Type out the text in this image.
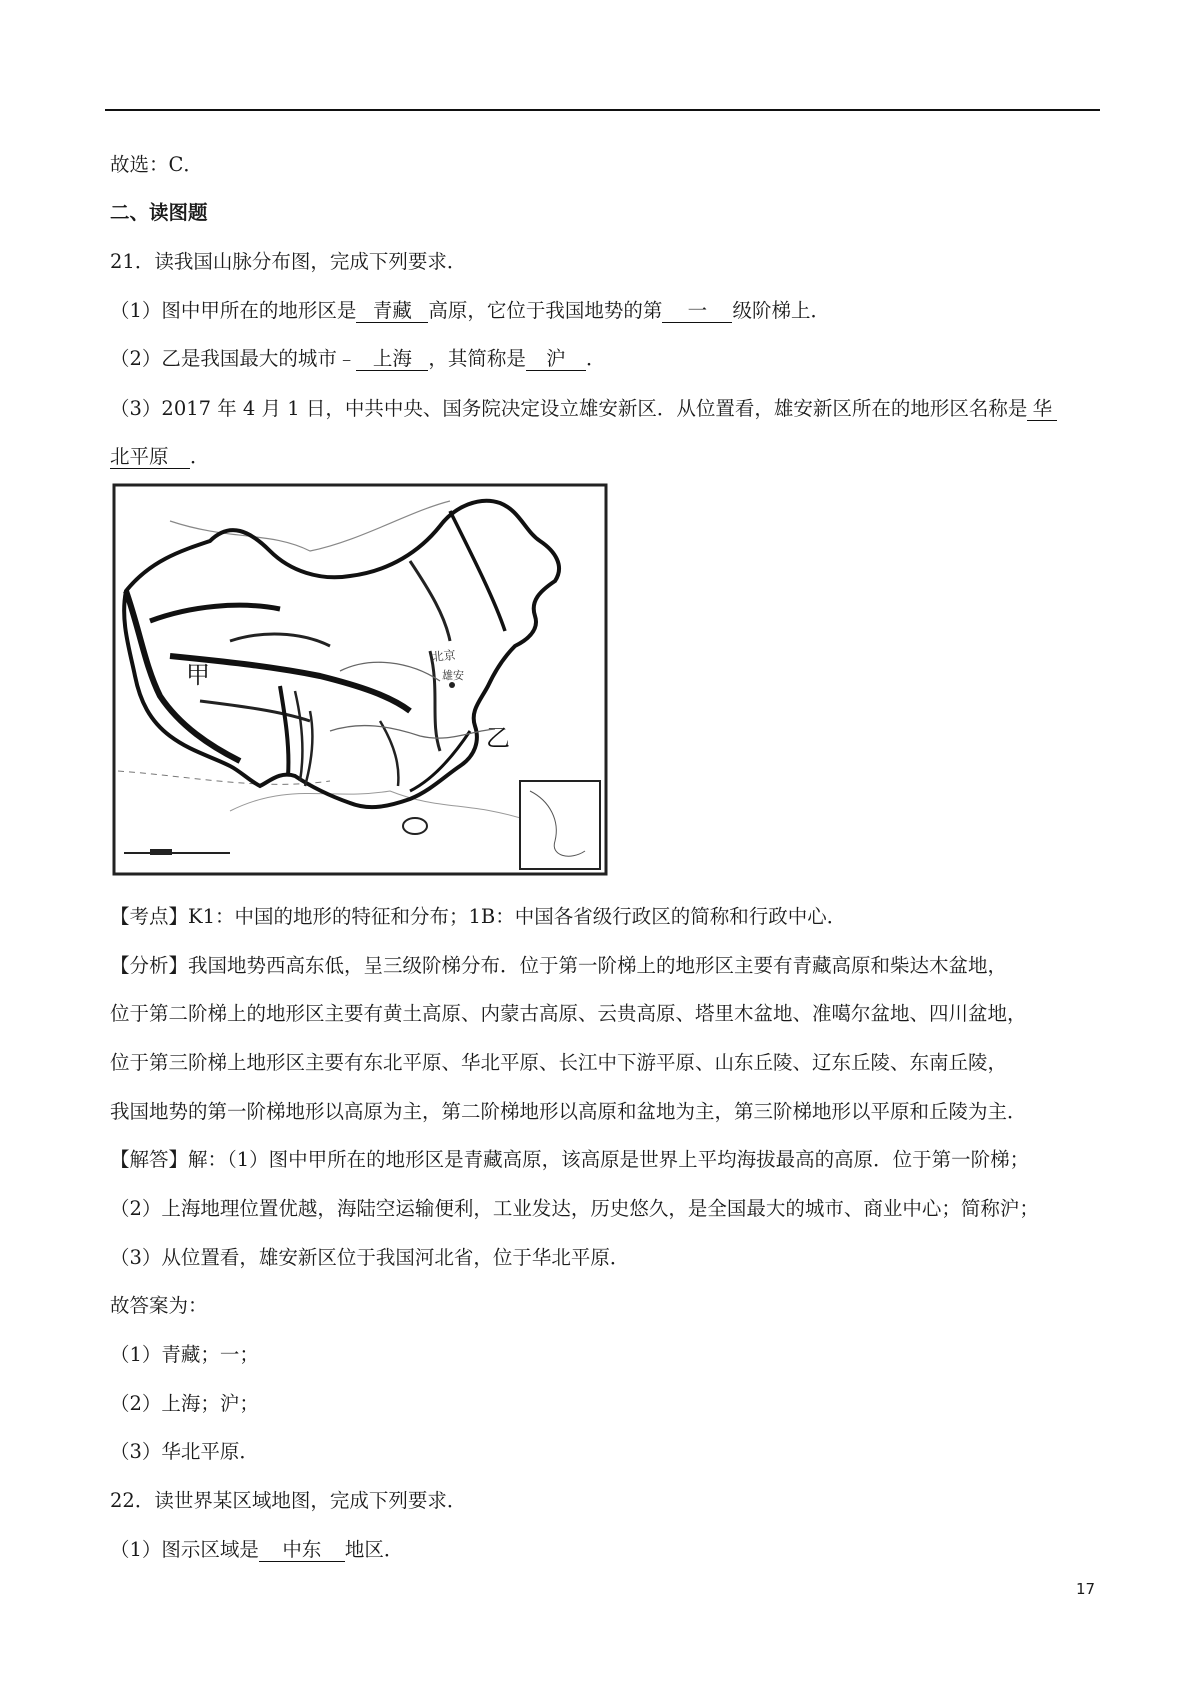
故选：C．
二、读图题
21．读我国山脉分布图，完成下列要求．
（1）图中甲所在的地形区是 青藏 高原，它位于我国地势的第 一 级阶梯上．
（2）乙是我国最大的城市﹣ 上海 ，其简称是 沪 ．
（3）2017 年 4 月 1 日，中共中央、国务院决定设立雄安新区．从位置看，雄安新区所在的地形区名称是 华
北平原 ．
甲
乙
北京
雄安
【考点】K1：中国的地形的特征和分布；1B：中国各省级行政区的简称和行政中心．
【分析】我国地势西高东低，呈三级阶梯分布．位于第一阶梯上的地形区主要有青藏高原和柴达木盆地，
位于第二阶梯上的地形区主要有黄土高原、内蒙古高原、云贵高原、塔里木盆地、准噶尔盆地、四川盆地，
位于第三阶梯上地形区主要有东北平原、华北平原、长江中下游平原、山东丘陵、辽东丘陵、东南丘陵，
我国地势的第一阶梯地形以高原为主，第二阶梯地形以高原和盆地为主，第三阶梯地形以平原和丘陵为主．
【解答】解：（1）图中甲所在的地形区是青藏高原，该高原是世界上平均海拔最高的高原．位于第一阶梯；
（2）上海地理位置优越，海陆空运输便利，工业发达，历史悠久，是全国最大的城市、商业中心；简称沪；
（3）从位置看，雄安新区位于我国河北省，位于华北平原．
故答案为：
（1）青藏；一；
（2）上海；沪；
（3）华北平原．
22．读世界某区域地图，完成下列要求．
（1）图示区域是 中东 地区．
17
